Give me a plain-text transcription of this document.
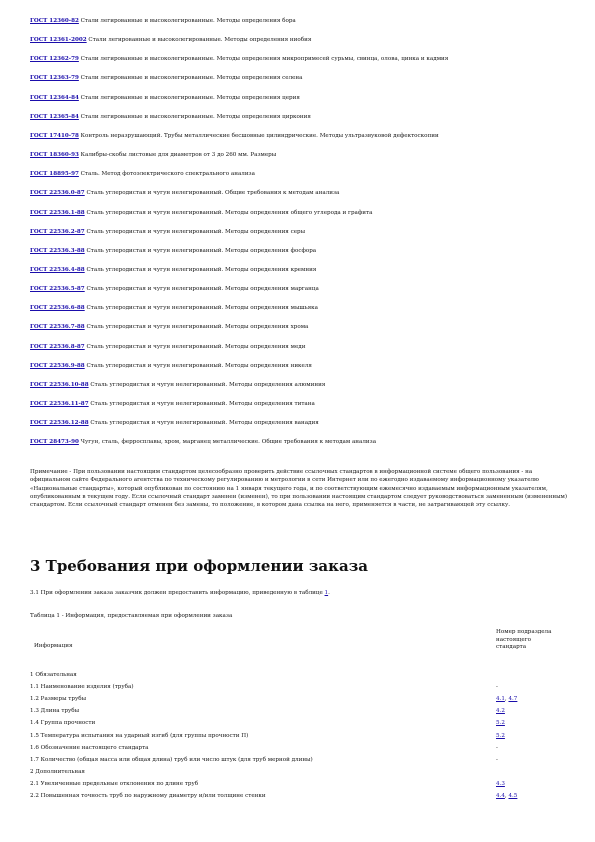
ГОСТ 12360-82 Стали легированные и высоколегированные. Методы определения бора
ГОСТ 12361-2002 Стали легированные и высоколегированные. Методы определения ниобия
ГОСТ 12362-79 Стали легированные и высоколегированные. Методы определения микропримесей сурьмы, свинца, олова, цинка и кадмия
ГОСТ 12363-79 Стали легированные и высоколегированные. Методы определения селена
ГОСТ 12364-84 Стали легированные и высоколегированные. Методы определения церия
ГОСТ 12365-84 Стали легированные и высоколегированные. Методы определения циркония
ГОСТ 17410-78 Контроль неразрушающий. Трубы металлические бесшовные цилиндрические. Методы ультразвуковой дефектоскопии
ГОСТ 18360-93 Калибры-скобы листовые для диаметров от 3 до 260 мм. Размеры
ГОСТ 18895-97 Сталь. Метод фотоэлектрического спектрального анализа
ГОСТ 22536.0-87 Сталь углеродистая и чугун нелегированный. Общие требования к методам анализа
ГОСТ 22536.1-88 Сталь углеродистая и чугун нелегированный. Методы определения общего углерода и графита
ГОСТ 22536.2-87 Сталь углеродистая и чугун нелегированный. Методы определения серы
ГОСТ 22536.3-88 Сталь углеродистая и чугун нелегированный. Методы определения фосфора
ГОСТ 22536.4-88 Сталь углеродистая и чугун нелегированный. Методы определения кремния
ГОСТ 22536.5-87 Сталь углеродистая и чугун нелегированный. Методы определения марганца
ГОСТ 22536.6-88 Сталь углеродистая и чугун нелегированный. Методы определения мышьяка
ГОСТ 22536.7-88 Сталь углеродистая и чугун нелегированный. Методы определения хрома
ГОСТ 22536.8-87 Сталь углеродистая и чугун нелегированный. Методы определения меди
ГОСТ 22536.9-88 Сталь углеродистая и чугун нелегированный. Методы определения никеля
ГОСТ 22536.10-88 Сталь углеродистая и чугун нелегированный. Методы определения алюминия
ГОСТ 22536.11-87 Сталь углеродистая и чугун нелегированный. Методы определения титана
ГОСТ 22536.12-88 Сталь углеродистая и чугун нелегированный. Методы определения ванадия
ГОСТ 28473-90 Чугун, сталь, ферросплавы, хром, марганец металлические. Общие требования к методам анализа
Примечание - При пользовании настоящим стандартом целесообразно проверить действие ссылочных стандартов в информационной системе общего пользования - на официальном сайте Федерального агентства по техническому регулированию и метрологии в сети Интернет или по ежегодно издаваемому информационному указателю «Национальные стандарты», который опубликован по состоянию на 1 января текущего года, и по соответствующим ежемесячно издаваемым информационным указателям, опубликованным в текущем году. Если ссылочный стандарт заменен (изменен), то при пользовании настоящим стандартом следует руководствоваться замененным (измененным) стандартом. Если ссылочный стандарт отменен без замены, то положение, в котором дана ссылка на него, применяется в части, не затрагивающей эту ссылку.
3 Требования при оформлении заказа
3.1 При оформлении заказа заказчик должен предоставить информацию, приведенную в таблице 1.
Таблица 1 - Информация, предоставляемая при оформлении заказа
Информация
Номер подраздела настоящего стандарта
1 Обязательная
1.1 Наименование изделия (труба)	-
1.2 Размеры трубы	4.1, 4.7
1.3 Длина трубы	4.2
1.4 Группа прочности	5.2
1.5 Температура испытания на ударный изгиб (для группы прочности П)	5.2
1.6 Обозначение настоящего стандарта	-
1.7 Количество (общая масса или общая длина) труб или число штук (для труб мерной длины)	-
2 Дополнительная
2.1 Увеличенные предельные отклонения по длине труб	4.3
2.2 Повышенная точность труб по наружному диаметру и/или толщине стенки	4.4, 4.5
